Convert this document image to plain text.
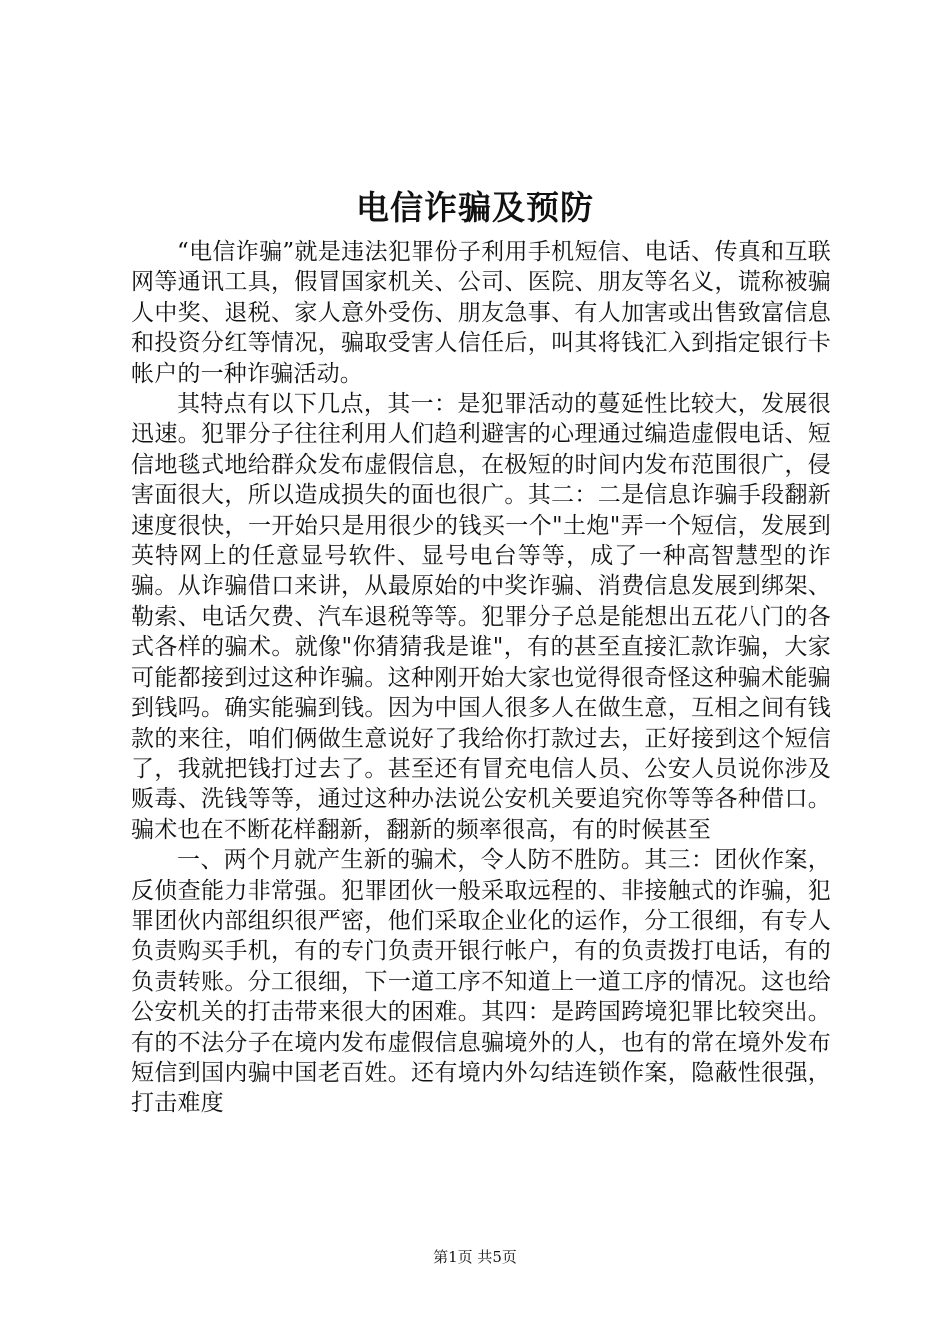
电信诈骗及预防

“电信诈骗”就是违法犯罪份子利用手机短信、电话、传真和互联网等通讯工具，假冒国家机关、公司、医院、朋友等名义，谎称被骗人中奖、退税、家人意外受伤、朋友急事、有人加害或出售致富信息和投资分红等情况，骗取受害人信任后，叫其将钱汇入到指定银行卡帐户的一种诈骗活动。

其特点有以下几点，其一：是犯罪活动的蔓延性比较大，发展很迅速。犯罪分子往往利用人们趋利避害的心理通过编造虚假电话、短信地毯式地给群众发布虚假信息，在极短的时间内发布范围很广，侵害面很大，所以造成损失的面也很广。其二：二是信息诈骗手段翻新速度很快，一开始只是用很少的钱买一个"土炮"弄一个短信，发展到英特网上的任意显号软件、显号电台等等，成了一种高智慧型的诈骗。从诈骗借口来讲，从最原始的中奖诈骗、消费信息发展到绑架、勒索、电话欠费、汽车退税等等。犯罪分子总是能想出五花八门的各式各样的骗术。就像"你猜猜我是谁"，有的甚至直接汇款诈骗，大家可能都接到过这种诈骗。这种刚开始大家也觉得很奇怪这种骗术能骗到钱吗。确实能骗到钱。因为中国人很多人在做生意，互相之间有钱款的来往，咱们俩做生意说好了我给你打款过去，正好接到这个短信了，我就把钱打过去了。甚至还有冒充电信人员、公安人员说你涉及贩毒、洗钱等等，通过这种办法说公安机关要追究你等等各种借口。骗术也在不断花样翻新，翻新的频率很高，有的时候甚至

一、两个月就产生新的骗术，令人防不胜防。其三：团伙作案，反侦查能力非常强。犯罪团伙一般采取远程的、非接触式的诈骗，犯罪团伙内部组织很严密，他们采取企业化的运作，分工很细，有专人负责购买手机，有的专门负责开银行帐户，有的负责拨打电话，有的负责转账。分工很细，下一道工序不知道上一道工序的情况。这也给公安机关的打击带来很大的困难。其四：是跨国跨境犯罪比较突出。有的不法分子在境内发布虚假信息骗境外的人，也有的常在境外发布短信到国内骗中国老百姓。还有境内外勾结连锁作案，隐蔽性很强，打击难度

第1页 共5页
